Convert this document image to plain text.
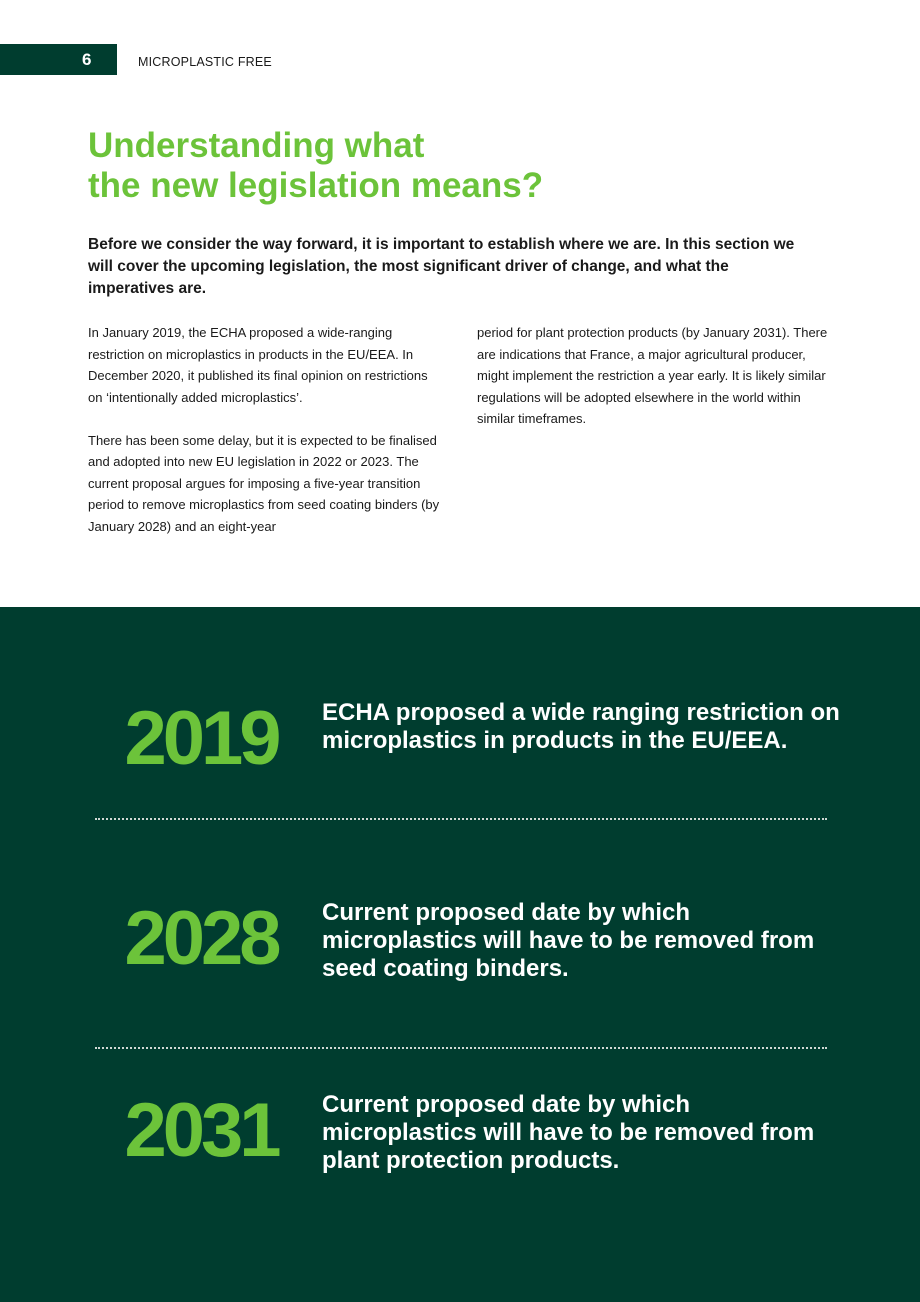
6	MICROPLASTIC FREE
Understanding what
the new legislation means?

Before we consider the way forward, it is important to establish where we are. In this section we will cover the upcoming legislation, the most significant driver of change, and what the imperatives are.

In January 2019, the ECHA proposed a wide-ranging restriction on microplastics in products in the EU/EEA. In December 2020, it published its final opinion on restrictions on ‘intentionally added microplastics’.

There has been some delay, but it is expected to be finalised and adopted into new EU legislation in 2022 or 2023. The current proposal argues for imposing a five-year transition period to remove microplastics from seed coating binders (by January 2028) and an eight-year

period for plant protection products (by January 2031). There are indications that France, a major agricultural producer, might implement the restriction a year early. It is likely similar regulations will be adopted elsewhere in the world within similar timeframes.

2019	ECHA proposed a wide ranging restriction on microplastics in products in the EU/EEA.

2028	Current proposed date by which microplastics will have to be removed from seed coating binders.

2031	Current proposed date by which microplastics will have to be removed from plant protection products.
